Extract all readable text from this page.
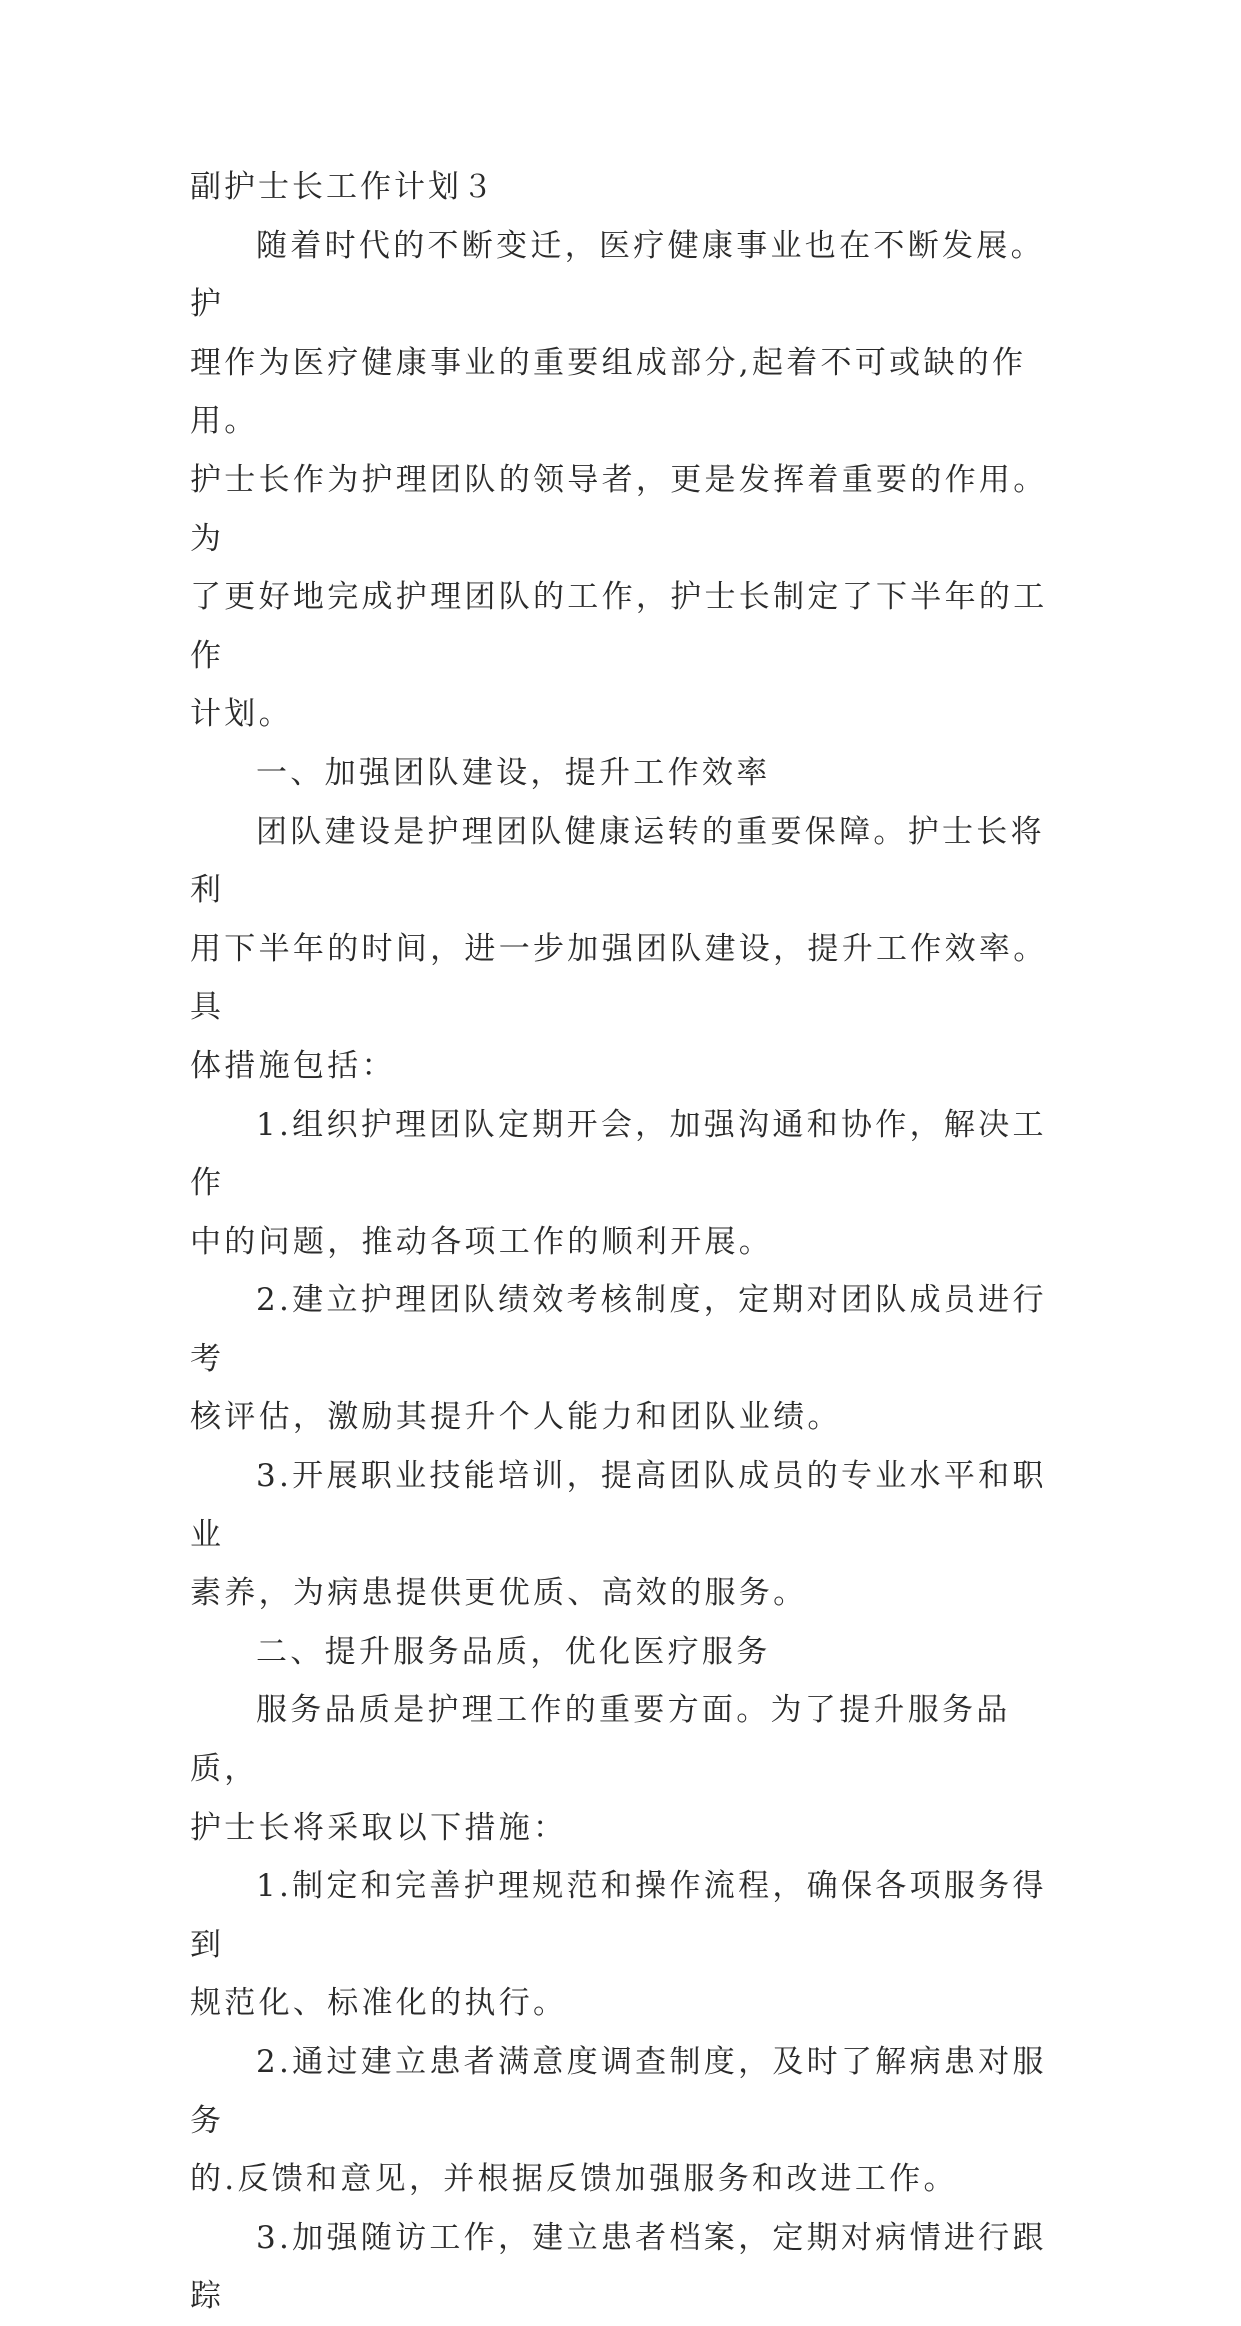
副护士长工作计划３

随着时代的不断变迁，医疗健康事业也在不断发展。护

理作为医疗健康事业的重要组成部分,起着不可或缺的作用。

护士长作为护理团队的领导者，更是发挥着重要的作用。为

了更好地完成护理团队的工作，护士长制定了下半年的工作

计划。

一、加强团队建设，提升工作效率

团队建设是护理团队健康运转的重要保障。护士长将利

用下半年的时间，进一步加强团队建设，提升工作效率。具

体措施包括：

1.组织护理团队定期开会，加强沟通和协作，解决工作

中的问题，推动各项工作的顺利开展。

2.建立护理团队绩效考核制度，定期对团队成员进行考

核评估，激励其提升个人能力和团队业绩。

3.开展职业技能培训，提高团队成员的专业水平和职业

素养，为病患提供更优质、高效的服务。

二、提升服务品质，优化医疗服务

服务品质是护理工作的重要方面。为了提升服务品质，

护士长将采取以下措施：

1.制定和完善护理规范和操作流程，确保各项服务得到

规范化、标准化的执行。

2.通过建立患者满意度调查制度，及时了解病患对服务

的.反馈和意见，并根据反馈加强服务和改进工作。

3.加强随访工作，建立患者档案，定期对病情进行跟踪
